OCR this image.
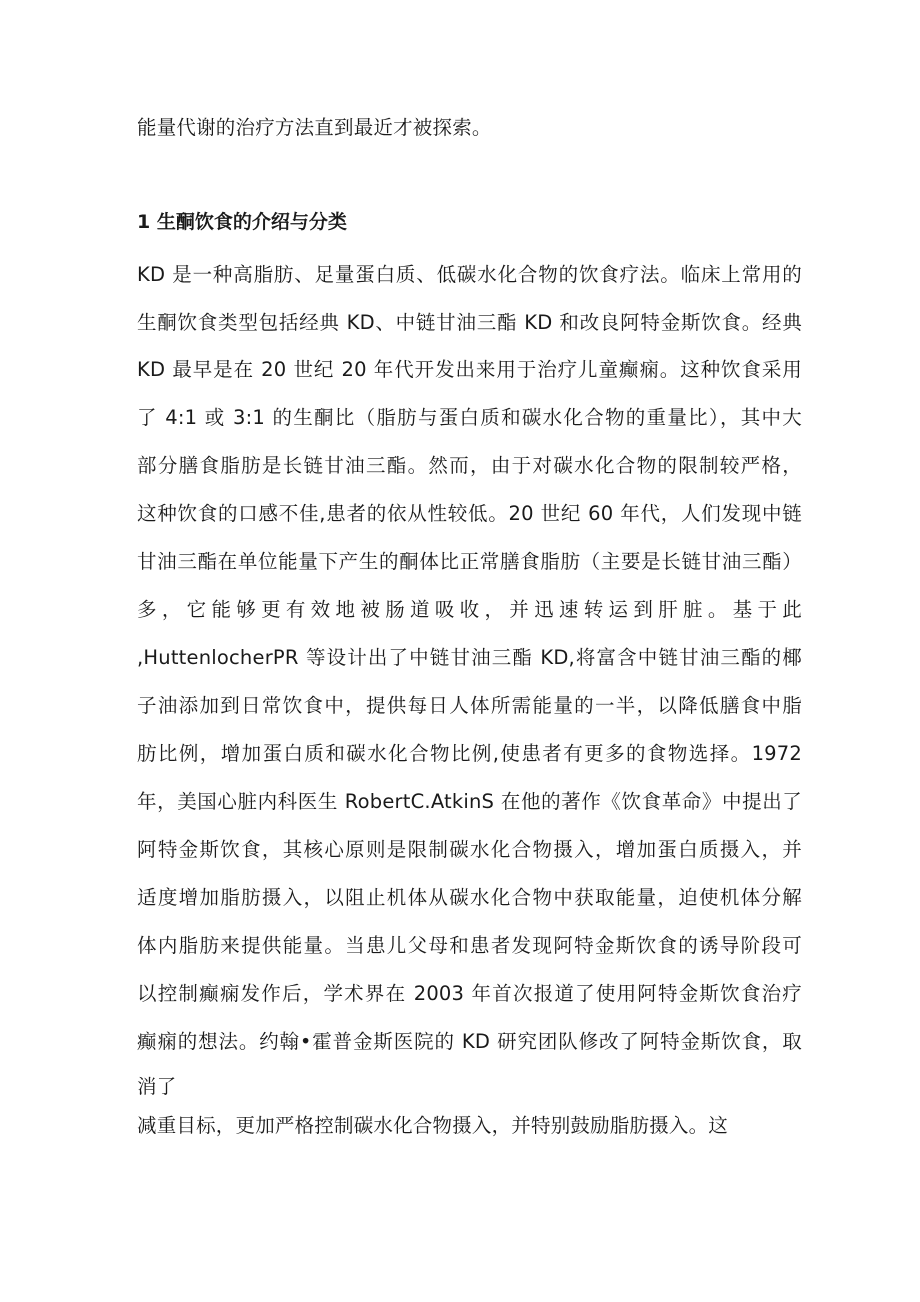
能量代谢的治疗方法直到最近才被探索。
1 生酮饮食的介绍与分类
KD 是一种高脂肪、足量蛋白质、低碳水化合物的饮食疗法。临床上常用的
生酮饮食类型包括经典 KD、中链甘油三酯 KD 和改良阿特金斯饮食。经典
KD 最早是在 20 世纪 20 年代开发出来用于治疗儿童癫痫。这种饮食采用
了 4:1 或 3:1 的生酮比（脂肪与蛋白质和碳水化合物的重量比），其中大
部分膳食脂肪是长链甘油三酯。然而，由于对碳水化合物的限制较严格，
这种饮食的口感不佳,患者的依从性较低。20 世纪 60 年代，人们发现中链
甘油三酯在单位能量下产生的酮体比正常膳食脂肪（主要是长链甘油三酯）
多，它能够更有效地被肠道吸收，并迅速转运到肝脏。基于此
,HuttenlocherPR 等设计出了中链甘油三酯 KD,将富含中链甘油三酯的椰
子油添加到日常饮食中，提供每日人体所需能量的一半，以降低膳食中脂
肪比例，增加蛋白质和碳水化合物比例,使患者有更多的食物选择。1972
年，美国心脏内科医生 RobertC.AtkinS 在他的著作《饮食革命》中提出了
阿特金斯饮食，其核心原则是限制碳水化合物摄入，增加蛋白质摄入，并
适度增加脂肪摄入，以阻止机体从碳水化合物中获取能量，迫使机体分解
体内脂肪来提供能量。当患儿父母和患者发现阿特金斯饮食的诱导阶段可
以控制癫痫发作后，学术界在 2003 年首次报道了使用阿特金斯饮食治疗
癫痫的想法。约翰•霍普金斯医院的 KD 研究团队修改了阿特金斯饮食，取
消了
减重目标，更加严格控制碳水化合物摄入，并特别鼓励脂肪摄入。这
